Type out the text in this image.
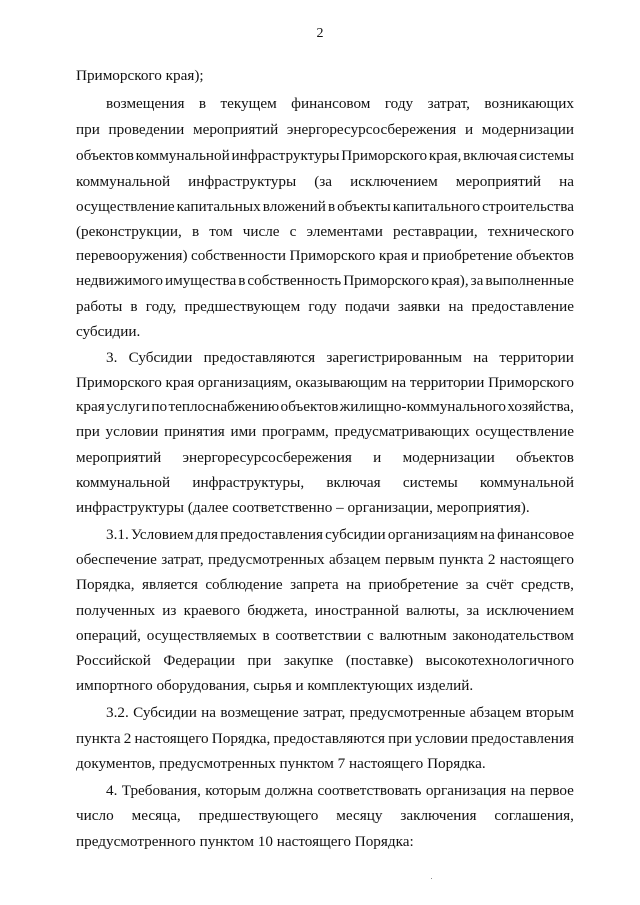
2
Приморского края);
возмещения в текущем финансовом году затрат, возникающих
при проведении мероприятий энергоресурсосбережения и модернизации
объектов коммунальной инфраструктуры Приморского края, включая системы
коммунальной инфраструктуры (за исключением мероприятий на
осуществление капитальных вложений в объекты капитального строительства
(реконструкции, в том числе с элементами реставрации, технического
перевооружения) собственности Приморского края и приобретение объектов
недвижимого имущества в собственность Приморского края), за выполненные
работы в году, предшествующем году подачи заявки на предоставление
субсидии.
3. Субсидии предоставляются зарегистрированным на территории
Приморского края организациям, оказывающим на территории Приморского
края услуги по теплоснабжению объектов жилищно-коммунального хозяйства,
при условии принятия ими программ, предусматривающих осуществление
мероприятий энергоресурсосбережения и модернизации объектов
коммунальной инфраструктуры, включая системы коммунальной
инфраструктуры (далее соответственно – организации, мероприятия).
3.1. Условием для предоставления субсидии организациям на финансовое
обеспечение затрат, предусмотренных абзацем первым пункта 2 настоящего
Порядка, является соблюдение запрета на приобретение за счёт средств,
полученных из краевого бюджета, иностранной валюты, за исключением
операций, осуществляемых в соответствии с валютным законодательством
Российской Федерации при закупке (поставке) высокотехнологичного
импортного оборудования, сырья и комплектующих изделий.
3.2. Субсидии на возмещение затрат, предусмотренные абзацем вторым
пункта 2 настоящего Порядка, предоставляются при условии предоставления
документов, предусмотренных пунктом 7 настоящего Порядка.
4. Требования, которым должна соответствовать организация на первое
число месяца, предшествующего месяцу заключения соглашения,
предусмотренного пунктом 10 настоящего Порядка:
